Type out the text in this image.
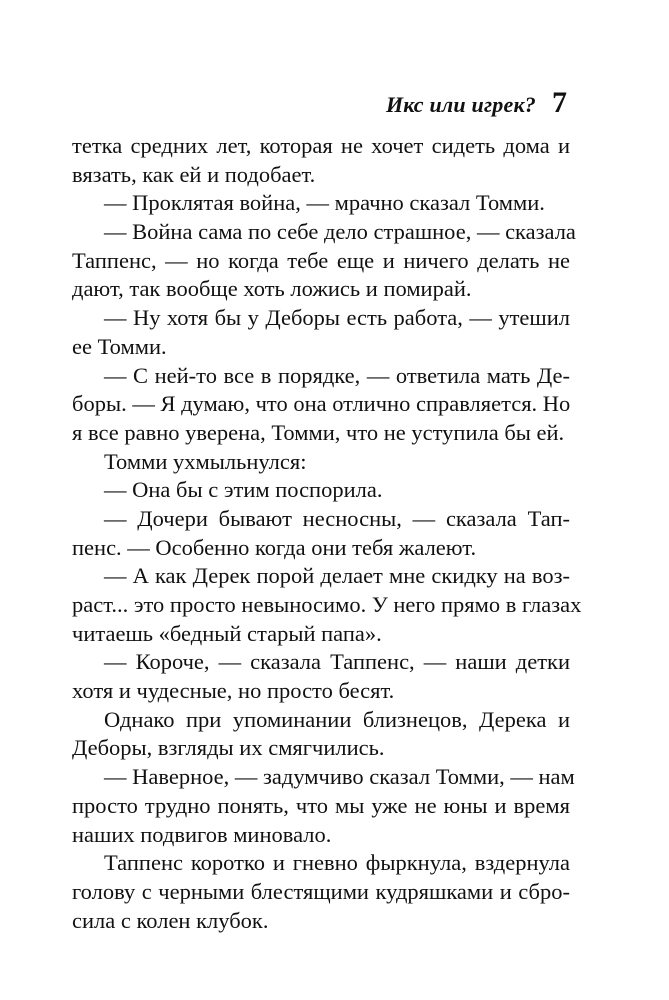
Икс или игрек? 7
тетка средних лет, которая не хочет сидеть дома и
вязать, как ей и подобает.
— Проклятая война, — мрачно сказал Томми.
— Война сама по себе дело страшное, — сказала
Таппенс, — но когда тебе еще и ничего делать не
дают, так вообще хоть ложись и помирай.
— Ну хотя бы у Деборы есть работа, — утешил
ее Томми.
— С ней-то все в порядке, — ответила мать Де-
боры. — Я думаю, что она отлично справляется. Но
я все равно уверена, Томми, что не уступила бы ей.
Томми ухмыльнулся:
— Она бы с этим поспорила.
— Дочери бывают несносны, — сказала Тап-
пенс. — Особенно когда они тебя жалеют.
— А как Дерек порой делает мне скидку на воз-
раст... это просто невыносимо. У него прямо в глазах
читаешь «бедный старый папа».
— Короче, — сказала Таппенс, — наши детки
хотя и чудесные, но просто бесят.
Однако при упоминании близнецов, Дерека и
Деборы, взгляды их смягчились.
— Наверное, — задумчиво сказал Томми, — нам
просто трудно понять, что мы уже не юны и время
наших подвигов миновало.
Таппенс коротко и гневно фыркнула, вздернула
голову с черными блестящими кудряшками и сбро-
сила с колен клубок.
